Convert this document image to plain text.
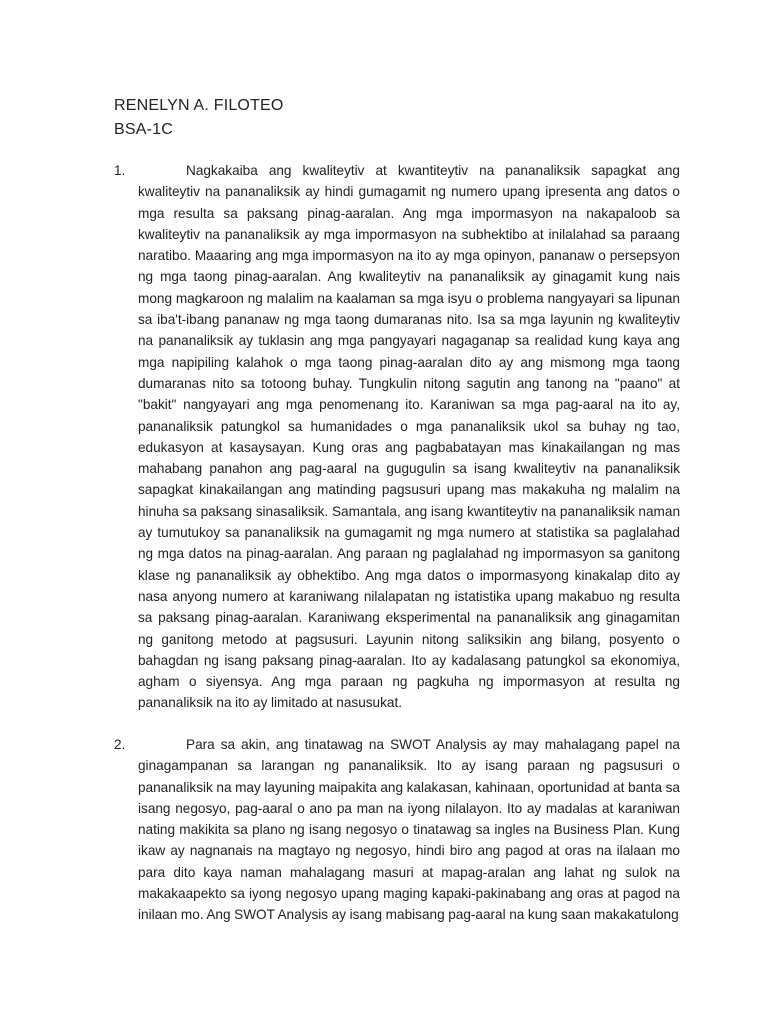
RENELYN A. FILOTEO
BSA-1C
1.	Nagkakaiba ang kwaliteytiv at kwantiteytiv na pananaliksik sapagkat ang kwaliteytiv na pananaliksik ay hindi gumagamit ng numero upang ipresenta ang datos o mga resulta sa paksang pinag-aaralan. Ang mga impormasyon na nakapaloob sa kwaliteytiv na pananaliksik ay mga impormasyon na subhektibo at inilalahad sa paraang naratibo. Maaaring ang mga impormasyon na ito ay mga opinyon, pananaw o persepsyon ng mga taong pinag-aaralan. Ang kwaliteytiv na pananaliksik ay ginagamit kung nais mong magkaroon ng malalim na kaalaman sa mga isyu o problema nangyayari sa lipunan sa iba't-ibang pananaw ng mga taong dumaranas nito. Isa sa mga layunin ng kwaliteytiv na pananaliksik ay tuklasin ang mga pangyayari nagaganap sa realidad kung kaya ang mga napipiling kalahok o mga taong pinag-aaralan dito ay ang mismong mga taong dumaranas nito sa totoong buhay. Tungkulin nitong sagutin ang tanong na "paano" at "bakit" nangyayari ang mga penomenang ito. Karaniwan sa mga pag-aaral na ito ay, pananaliksik patungkol sa humanidades o mga pananaliksik ukol sa buhay ng tao, edukasyon at kasaysayan. Kung oras ang pagbabatayan mas kinakailangan ng mas mahabang panahon ang pag-aaral na gugugulin sa isang kwaliteytiv na pananaliksik sapagkat kinakailangan ang matinding pagsusuri upang mas makakuha ng malalim na hinuha sa paksang sinasaliksik. Samantala, ang isang kwantiteytiv na pananaliksik naman ay tumutukoy sa pananaliksik na gumagamit ng mga numero at statistika sa paglalahad ng mga datos na pinag-aaralan. Ang paraan ng paglalahad ng impormasyon sa ganitong klase ng pananaliksik ay obhektibo. Ang mga datos o impormasyong kinakalap dito ay nasa anyong numero at karaniwang nilalapatan ng istatistika upang makabuo ng resulta sa paksang pinag-aaralan. Karaniwang eksperimental na pananaliksik ang ginagamitan ng ganitong metodo at pagsusuri. Layunin nitong saliksikin ang bilang, posyento o bahagdan ng isang paksang pinag-aaralan. Ito ay kadalasang patungkol sa ekonomiya, agham o siyensya. Ang mga paraan ng pagkuha ng impormasyon at resulta ng pananaliksik na ito ay limitado at nasusukat.

2.	Para sa akin, ang tinatawag na SWOT Analysis ay may mahalagang papel na ginagampanan sa larangan ng pananaliksik. Ito ay isang paraan ng pagsusuri o pananaliksik na may layuning maipakita ang kalakasan, kahinaan, oportunidad at banta sa isang negosyo, pag-aaral o ano pa man na iyong nilalayon. Ito ay madalas at karaniwan nating makikita sa plano ng isang negosyo o tinatawag sa ingles na Business Plan. Kung ikaw ay nagnanais na magtayo ng negosyo, hindi biro ang pagod at oras na ilalaan mo para dito kaya naman mahalagang masuri at mapag-aralan ang lahat ng sulok na makakaapekto sa iyong negosyo upang maging kapaki-pakinabang ang oras at pagod na inilaan mo. Ang SWOT Analysis ay isang mabisang pag-aaral na kung saan makakatulong
